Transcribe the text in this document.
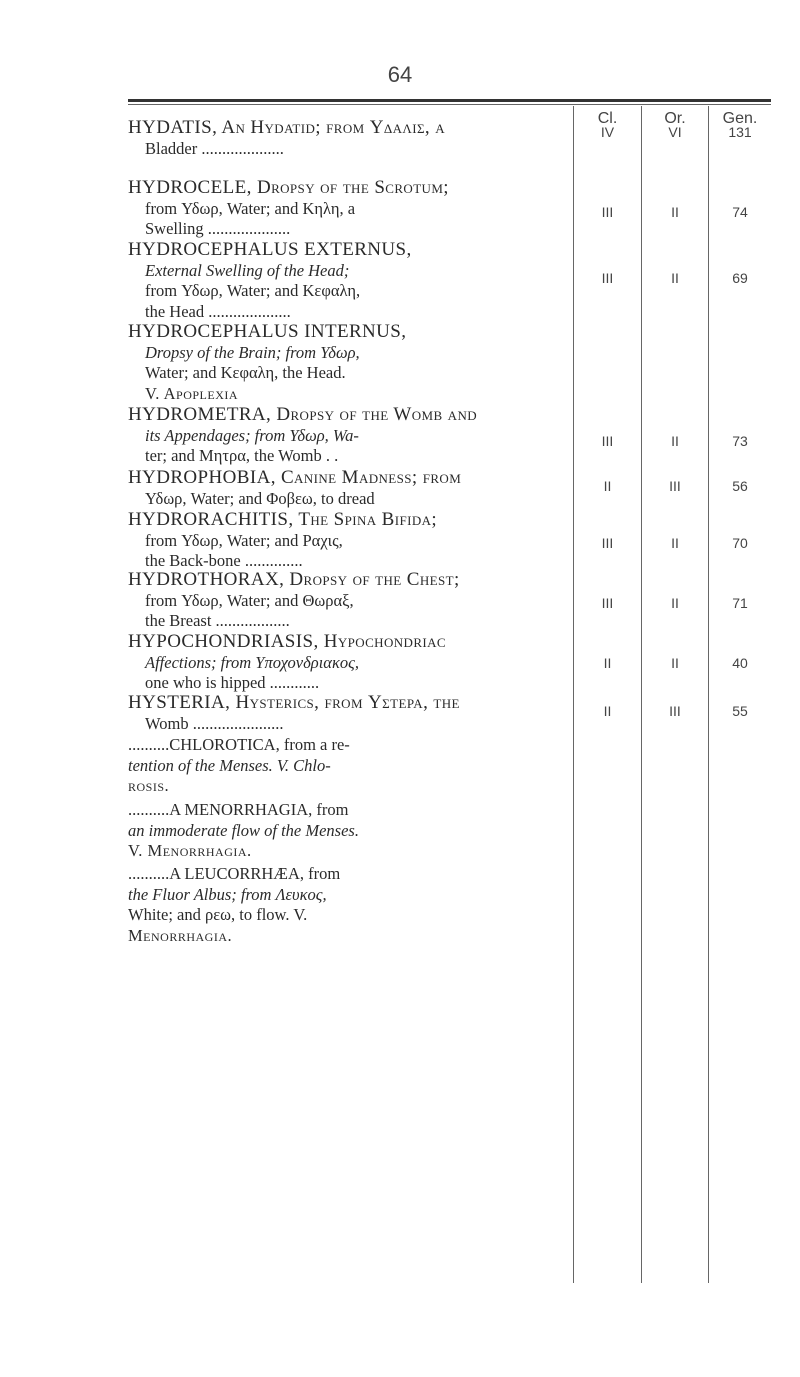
64
Cl.	Or.	Gen.
HYDATIS, An Hydatid; from Υδαλις, a
Bladder ....................
IV	VI	131
HYDROCELE, Dropsy of the Scrotum;
from Υδωρ, Water; and Κηλη, a
Swelling ....................
III	II	74
HYDROCEPHALUS EXTERNUS,
External Swelling of the Head;
from Υδωρ, Water; and Κεφαλη,
the Head ....................
III	II	69
HYDROCEPHALUS INTERNUS,
Dropsy of the Brain; from Υδωρ,
Water; and Κεφαλη, the Head.
V. Apoplexia
HYDROMETRA, Dropsy of the Womb and
its Appendages; from Υδωρ, Wa-
ter; and Μητρα, the Womb . .
III	II	73
HYDROPHOBIA, Canine Madness; from
Υδωρ, Water; and Φοβεω, to dread
II	III	56
HYDRORACHITIS, The Spina Bifida;
from Υδωρ, Water; and Ραχις,
the Back-bone ..............
III	II	70
HYDROTHORAX, Dropsy of the Chest;
from Υδωρ, Water; and Θωραξ,
the Breast ..................
III	II	71
HYPOCHONDRIASIS, Hypochondriac
Affections; from Υποχονδριακος,
one who is hipped ............
II	II	40
HYSTERIA, Hysterics, from Υστερα, the
Womb ......................
II	III	55
..........CHLOROTICA, from a re-
tention of the Menses. V. Chlo-
rosis.
..........A MENORRHAGIA, from
an immoderate flow of the Menses.
V. Menorrhagia.
..........A LEUCORRHÆA, from
the Fluor Albus; from Λευκος,
White; and ρεω, to flow. V.
Menorrhagia.
